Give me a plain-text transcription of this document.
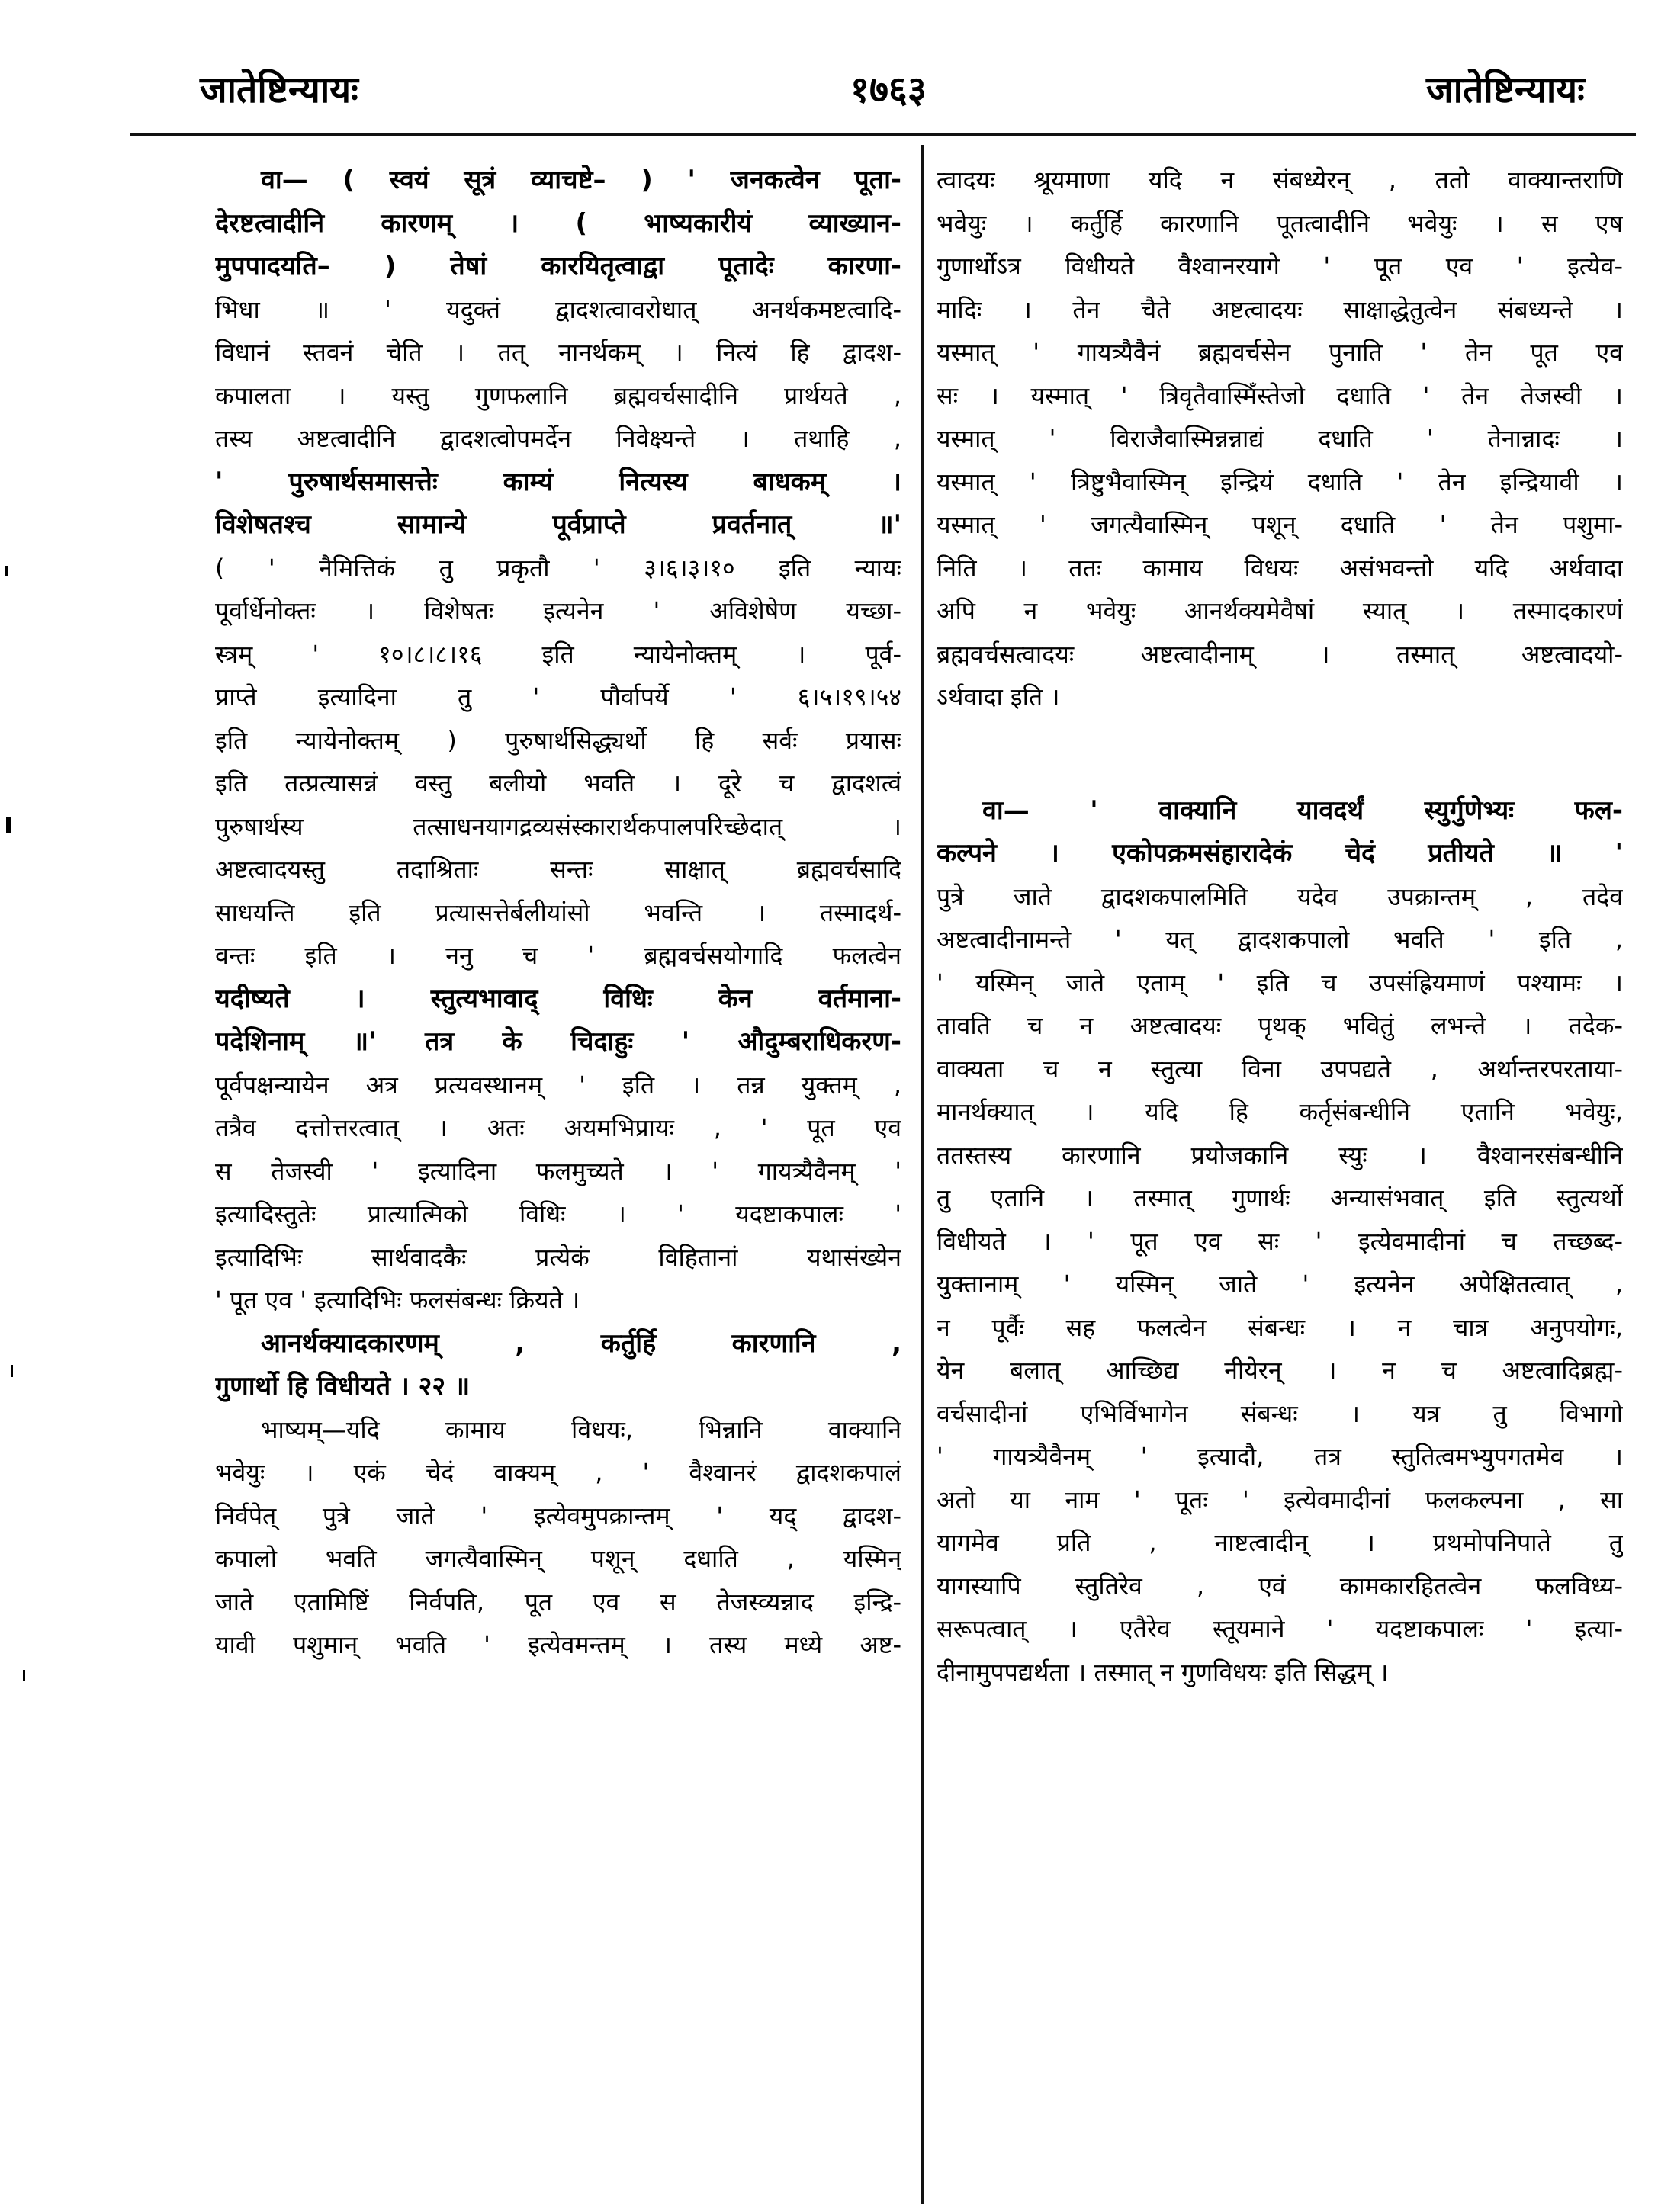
जातेष्टिन्यायः	१७६३	जातेष्टिन्यायः
वा— ( स्वयं सूत्रं व्याचष्टे– ) ' जनकत्वेन पूता-
देरष्टत्वादीनि कारणम् । ( भाष्यकारीयं व्याख्यान-
मुपपादयति– ) तेषां कारयितृत्वाद्वा पूतादेः कारणा-
भिधा ॥ ' यदुक्तं द्वादशत्वावरोधात् अनर्थकमष्टत्वादि-
विधानं स्तवनं चेति । तत् नानर्थकम् । नित्यं हि द्वादश-
कपालता । यस्तु गुणफलानि ब्रह्मवर्चसादीनि प्रार्थयते ,
तस्य अष्टत्वादीनि द्वादशत्वोपमर्देन निवेक्ष्यन्ते । तथाहि ,
' पुरुषार्थसमासत्तेः काम्यं नित्यस्य बाधकम् ।
विशेषतश्च सामान्ये पूर्वप्राप्ते प्रवर्तनात् ॥'
( ' नैमित्तिकं तु प्रकृतौ ' ३।६।३।१० इति न्यायः
पूर्वार्धेनोक्तः । विशेषतः इत्यनेन ' अविशेषेण यच्छा-
स्त्रम् ' १०।८।८।१६ इति न्यायेनोक्तम् । पूर्व-
प्राप्ते इत्यादिना तु ' पौर्वापर्ये ' ६।५।१९।५४
इति न्यायेनोक्तम् ) पुरुषार्थसिद्ध्यर्थो हि सर्वः प्रयासः
इति तत्प्रत्यासन्नं वस्तु बलीयो भवति । दूरे च द्वादशत्वं
पुरुषार्थस्य तत्साधनयागद्रव्यसंस्कारार्थकपालपरिच्छेदात् ।
अष्टत्वादयस्तु तदाश्रिताः सन्तः साक्षात् ब्रह्मवर्चसादि
साधयन्ति इति प्रत्यासत्तेर्बलीयांसो भवन्ति । तस्मादर्थ-
वन्तः इति । ननु च ' ब्रह्मवर्चसयोगादि फलत्वेन
यदीष्यते । स्तुत्यभावाद् विधिः केन वर्तमाना-
पदेशिनाम् ॥' तत्र के चिदाहुः ' औदुम्बराधिकरण-
पूर्वपक्षन्यायेन अत्र प्रत्यवस्थानम् ' इति । तन्न युक्तम् ,
तत्रैव दत्तोत्तरत्वात् । अतः अयमभिप्रायः , ' पूत एव
स तेजस्वी ' इत्यादिना फलमुच्यते । ' गायत्र्यैवैनम् '
इत्यादिस्तुतेः प्रात्यात्मिको विधिः । ' यदष्टाकपालः '
इत्यादिभिः सार्थवादकैः प्रत्येकं विहितानां यथासंख्येन
' पूत एव ' इत्यादिभिः फलसंबन्धः क्रियते ।
आनर्थक्यादकारणम् , कर्तुर्हि कारणानि ,
गुणार्थो हि विधीयते । २२ ॥
भाष्यम्—यदि कामाय विधयः, भिन्नानि वाक्यानि
भवेयुः । एकं चेदं वाक्यम् , ' वैश्वानरं द्वादशकपालं
निर्वपेत् पुत्रे जाते ' इत्येवमुपक्रान्तम् ' यद् द्वादश-
कपालो भवति जगत्यैवास्मिन् पशून् दधाति , यस्मिन्
जाते एतामिष्टिं निर्वपति, पूत एव स तेजस्व्यन्नाद इन्द्रि-
यावी पशुमान् भवति ' इत्येवमन्तम् । तस्य मध्ये अष्ट-
त्वादयः श्रूयमाणा यदि न संबध्येरन् , ततो वाक्यान्तराणि
भवेयुः । कर्तुर्हि कारणानि पूतत्वादीनि भवेयुः । स एष
गुणार्थोऽत्र विधीयते वैश्वानरयागे ' पूत एव ' इत्येव-
मादिः । तेन चैते अष्टत्वादयः साक्षाद्धेतुत्वेन संबध्यन्ते ।
यस्मात् ' गायत्र्यैवैनं ब्रह्मवर्चसेन पुनाति ' तेन पूत एव
सः । यस्मात् ' त्रिवृतैवास्मिँस्तेजो दधाति ' तेन तेजस्वी ।
यस्मात् ' विराजैवास्मिन्नन्नाद्यं दधाति ' तेनान्नादः ।
यस्मात् ' त्रिष्टुभैवास्मिन् इन्द्रियं दधाति ' तेन इन्द्रियावी ।
यस्मात् ' जगत्यैवास्मिन् पशून् दधाति ' तेन पशुमा-
निति । ततः कामाय विधयः असंभवन्तो यदि अर्थवादा
अपि न भवेयुः आनर्थक्यमेवैषां स्यात् । तस्मादकारणं
ब्रह्मवर्चसत्वादयः अष्टत्वादीनाम् । तस्मात् अष्टत्वादयो-
ऽर्थवादा इति ।
वा— ' वाक्यानि यावदर्थं स्युर्गुणेभ्यः फल-
कल्पने । एकोपक्रमसंहारादेकं चेदं प्रतीयते ॥ '
पुत्रे जाते द्वादशकपालमिति यदेव उपक्रान्तम् , तदेव
अष्टत्वादीनामन्ते ' यत् द्वादशकपालो भवति ' इति ,
' यस्मिन् जाते एताम् ' इति च उपसंह्रियमाणं पश्यामः ।
तावति च न अष्टत्वादयः पृथक् भवितुं लभन्ते । तदेक-
वाक्यता च न स्तुत्या विना उपपद्यते , अर्थान्तरपरताया-
मानर्थक्यात् । यदि हि कर्तृसंबन्धीनि एतानि भवेयुः,
ततस्तस्य कारणानि प्रयोजकानि स्युः । वैश्वानरसंबन्धीनि
तु एतानि । तस्मात् गुणार्थः अन्यासंभवात् इति स्तुत्यर्थो
विधीयते । ' पूत एव सः ' इत्येवमादीनां च तच्छब्द-
युक्तानाम् ' यस्मिन् जाते ' इत्यनेन अपेक्षितत्वात् ,
न पूर्वैः सह फलत्वेन संबन्धः । न चात्र अनुपयोगः,
येन बलात् आच्छिद्य नीयेरन् । न च अष्टत्वादिब्रह्म-
वर्चसादीनां एभिर्विभागेन संबन्धः । यत्र तु विभागो
' गायत्र्यैवैनम् ' इत्यादौ, तत्र स्तुतित्वमभ्युपगतमेव ।
अतो या नाम ' पूतः ' इत्येवमादीनां फलकल्पना , सा
यागमेव प्रति , नाष्टत्वादीन् । प्रथमोपनिपाते तु
यागस्यापि स्तुतिरेव , एवं कामकारहितत्वेन फलविध्य-
सरूपत्वात् । एतैरेव स्तूयमाने ' यदष्टाकपालः ' इत्या-
दीनामुपपद्यर्थता । तस्मात् न गुणविधयः इति सिद्धम् ।
